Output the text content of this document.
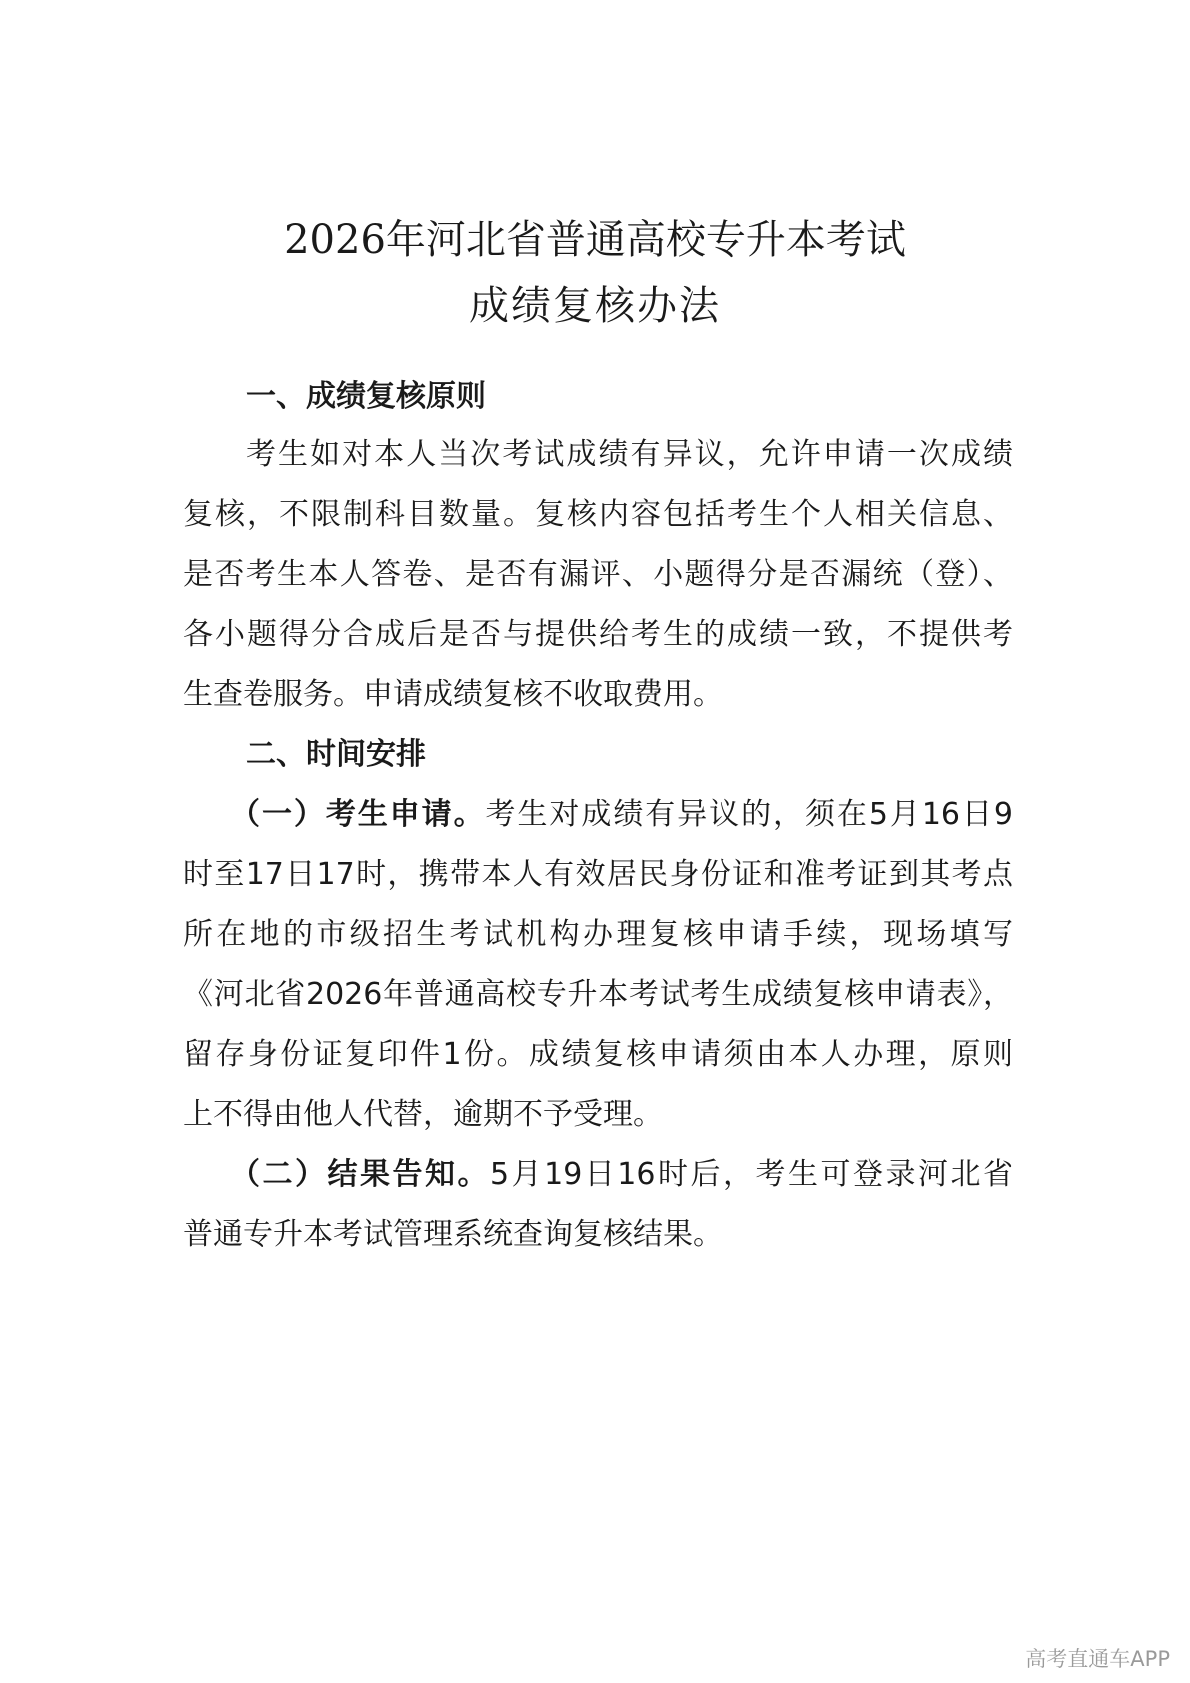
2026年河北省普通高校专升本考试
成绩复核办法
一、成绩复核原则
考生如对本人当次考试成绩有异议，允许申请一次成绩
复核，不限制科目数量。复核内容包括考生个人相关信息、
是否考生本人答卷、是否有漏评、小题得分是否漏统（登）、
各小题得分合成后是否与提供给考生的成绩一致，不提供考
生查卷服务。申请成绩复核不收取费用。
二、时间安排
（一）考生申请。考生对成绩有异议的，须在5月16日9
时至17日17时，携带本人有效居民身份证和准考证到其考点
所在地的市级招生考试机构办理复核申请手续，现场填写
《河北省2026年普通高校专升本考试考生成绩复核申请表》，
留存身份证复印件1份。成绩复核申请须由本人办理，原则
上不得由他人代替，逾期不予受理。
（二）结果告知。5月19日16时后，考生可登录河北省
普通专升本考试管理系统查询复核结果。
高考直通车APP
